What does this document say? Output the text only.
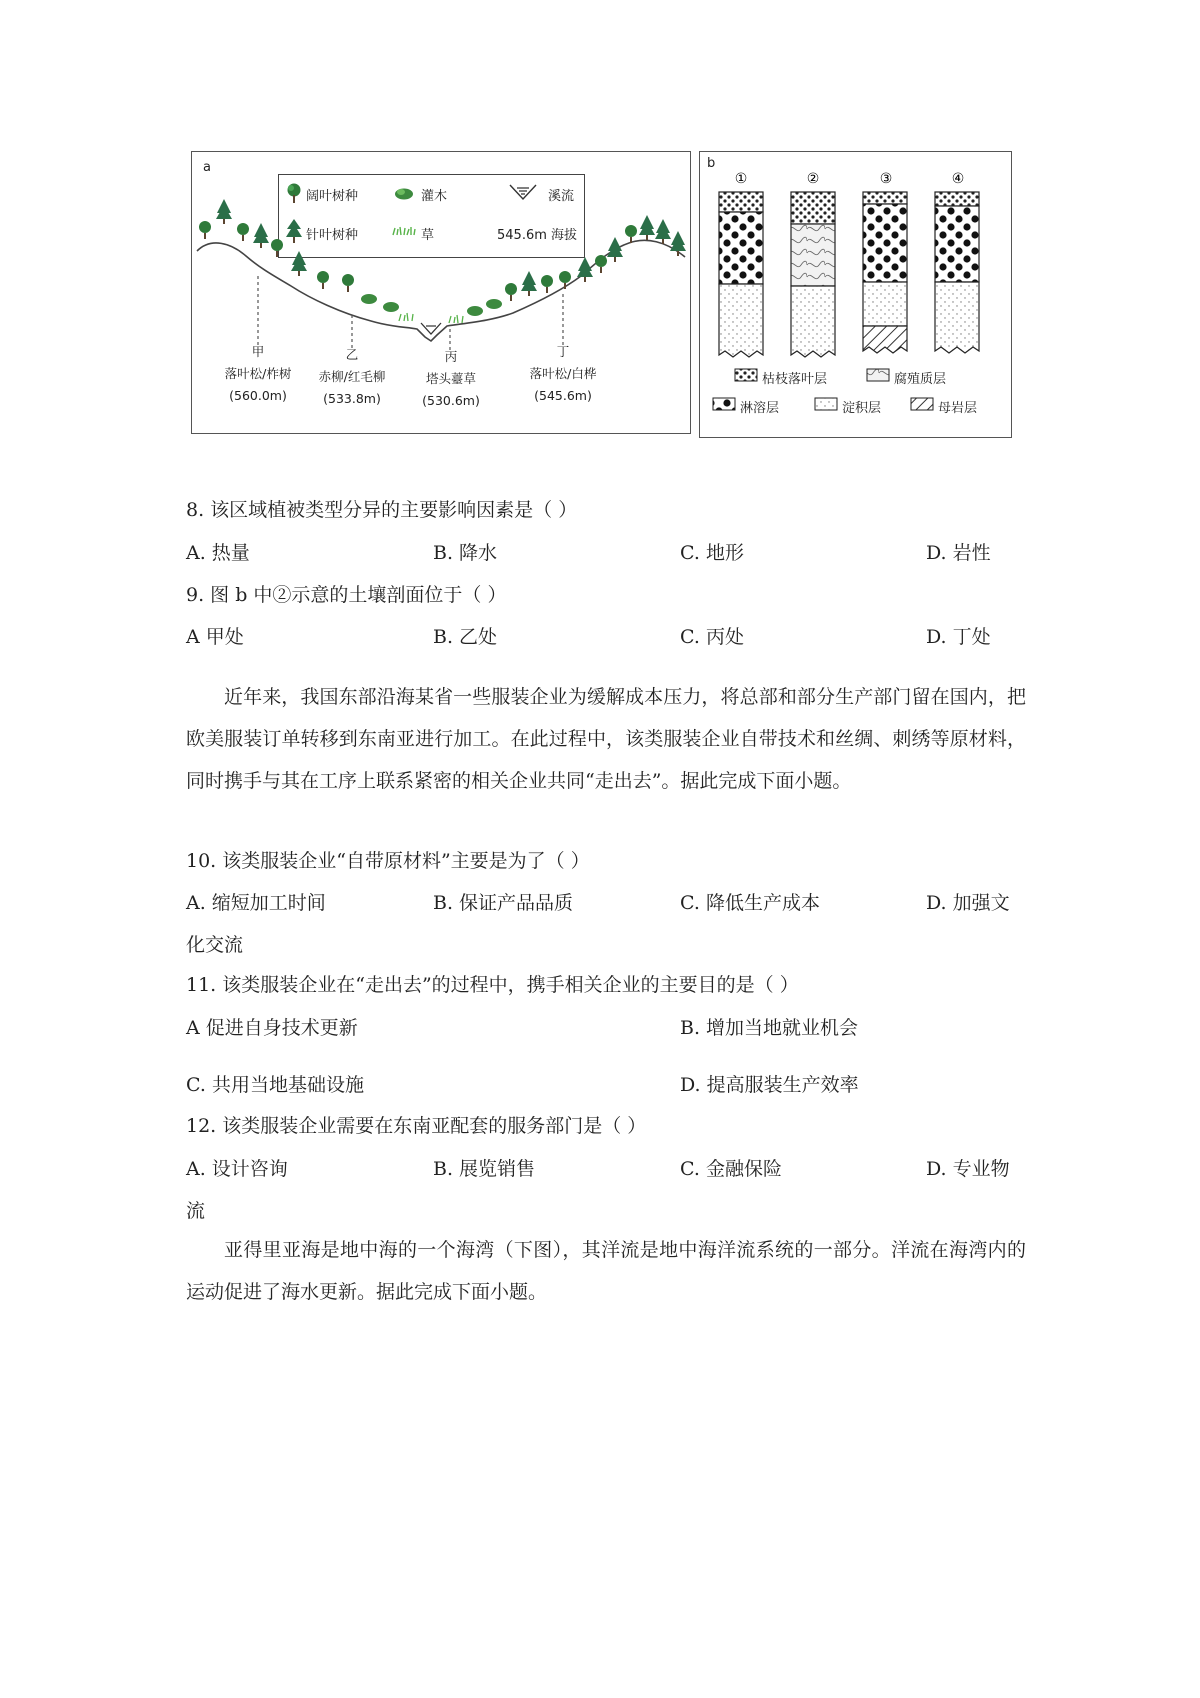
a
阔叶树种	灌木	溪流
针叶树种	草	545.6m 海拔
甲
落叶松/柞树
(560.0m)
乙
赤柳/红毛柳
(533.8m)
丙
塔头薹草
(530.6m)
丁
落叶松/白桦
(545.6m)
b
①	②	③	④
枯枝落叶层	腐殖质层
淋溶层	淀积层	母岩层
8. 该区域植被类型分异的主要影响因素是（ ）
A. 热量	B. 降水	C. 地形	D. 岩性
9. 图 b 中②示意的土壤剖面位于（ ）
A 甲处	B. 乙处	C. 丙处	D. 丁处
近年来，我国东部沿海某省一些服装企业为缓解成本压力，将总部和部分生产部门留在国内，把欧美服装订单转移到东南亚进行加工。在此过程中，该类服装企业自带技术和丝绸、刺绣等原材料，同时携手与其在工序上联系紧密的相关企业共同“走出去”。据此完成下面小题。
10. 该类服装企业“自带原材料”主要是为了（ ）
A. 缩短加工时间	B. 保证产品品质	C. 降低生产成本	D. 加强文
化交流
11. 该类服装企业在“走出去”的过程中，携手相关企业的主要目的是（ ）
A 促进自身技术更新	B. 增加当地就业机会
C. 共用当地基础设施	D. 提高服装生产效率
12. 该类服装企业需要在东南亚配套的服务部门是（ ）
A. 设计咨询	B. 展览销售	C. 金融保险	D. 专业物
流
亚得里亚海是地中海的一个海湾（下图），其洋流是地中海洋流系统的一部分。洋流在海湾内的运动促进了海水更新。据此完成下面小题。
